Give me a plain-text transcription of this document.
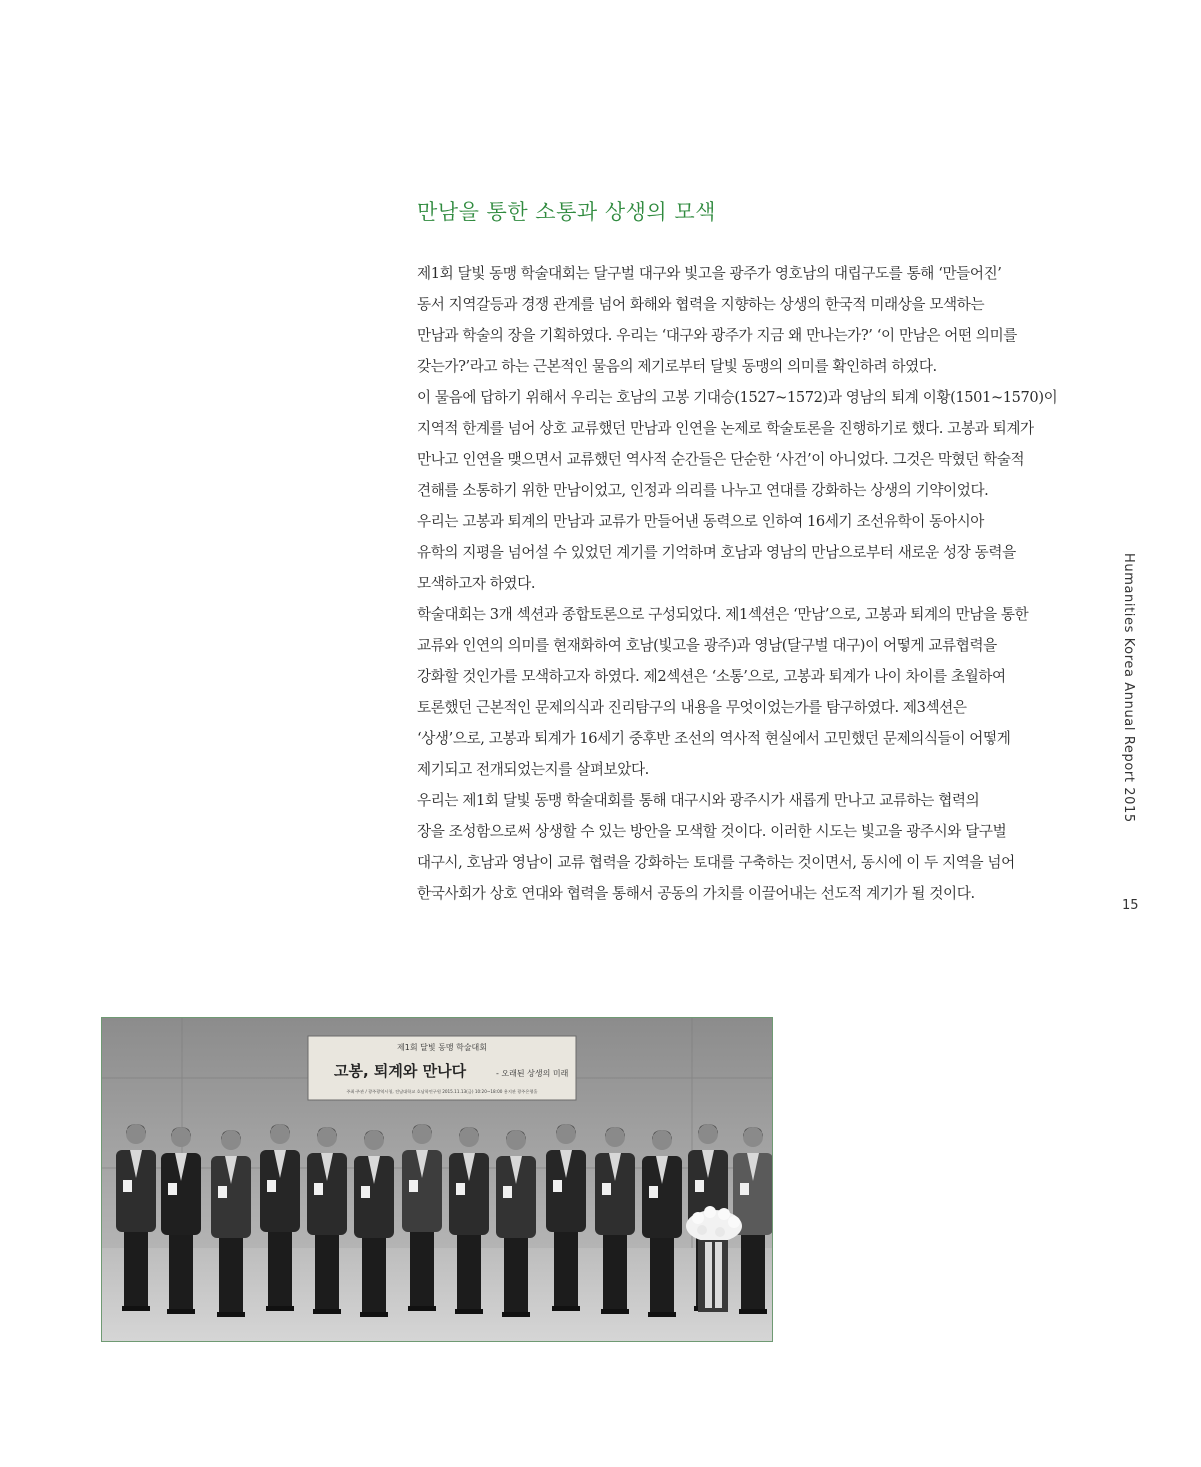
만남을 통한 소통과 상생의 모색
제1회 달빛 동맹 학술대회는 달구벌 대구와 빛고을 광주가 영호남의 대립구도를 통해 ‘만들어진’
동서 지역갈등과 경쟁 관계를 넘어 화해와 협력을 지향하는 상생의 한국적 미래상을 모색하는
만남과 학술의 장을 기획하였다. 우리는 ‘대구와 광주가 지금 왜 만나는가?’ ‘이 만남은 어떤 의미를
갖는가?’라고 하는 근본적인 물음의 제기로부터 달빛 동맹의 의미를 확인하려 하였다.
이 물음에 답하기 위해서 우리는 호남의 고봉 기대승(1527~1572)과 영남의 퇴계 이황(1501~1570)이
지역적 한계를 넘어 상호 교류했던 만남과 인연을 논제로 학술토론을 진행하기로 했다. 고봉과 퇴계가
만나고 인연을 맺으면서 교류했던 역사적 순간들은 단순한 ‘사건’이 아니었다. 그것은 막혔던 학술적
견해를 소통하기 위한 만남이었고, 인정과 의리를 나누고 연대를 강화하는 상생의 기약이었다.
우리는 고봉과 퇴계의 만남과 교류가 만들어낸 동력으로 인하여 16세기 조선유학이 동아시아
유학의 지평을 넘어설 수 있었던 계기를 기억하며 호남과 영남의 만남으로부터 새로운 성장 동력을
모색하고자 하였다.
학술대회는 3개 섹션과 종합토론으로 구성되었다. 제1섹션은 ‘만남’으로, 고봉과 퇴계의 만남을 통한
교류와 인연의 의미를 현재화하여 호남(빛고을 광주)과 영남(달구벌 대구)이 어떻게 교류협력을
강화할 것인가를 모색하고자 하였다. 제2섹션은 ‘소통’으로, 고봉과 퇴계가 나이 차이를 초월하여
토론했던 근본적인 문제의식과 진리탐구의 내용을 무엇이었는가를 탐구하였다. 제3섹션은
‘상생’으로, 고봉과 퇴계가 16세기 중후반 조선의 역사적 현실에서 고민했던 문제의식들이 어떻게
제기되고 전개되었는지를 살펴보았다.
우리는 제1회 달빛 동맹 학술대회를 통해 대구시와 광주시가 새롭게 만나고 교류하는 협력의
장을 조성함으로써 상생할 수 있는 방안을 모색할 것이다. 이러한 시도는 빛고을 광주시와 달구벌
대구시, 호남과 영남이 교류 협력을 강화하는 토대를 구축하는 것이면서, 동시에 이 두 지역을 넘어
한국사회가 상호 연대와 협력을 통해서 공동의 가치를 이끌어내는 선도적 계기가 될 것이다.
Humanities Korea Annual Report 2015
15
제1회 달빛 동맹 학술대회
고봉, 퇴계와 만나다	- 오래된 상생의 미래
주최·주관 / 광주광역시청, 전남대학교 호남학연구원 2015.11.13(금) 10:20~18:00 용지관 광주은행홀
